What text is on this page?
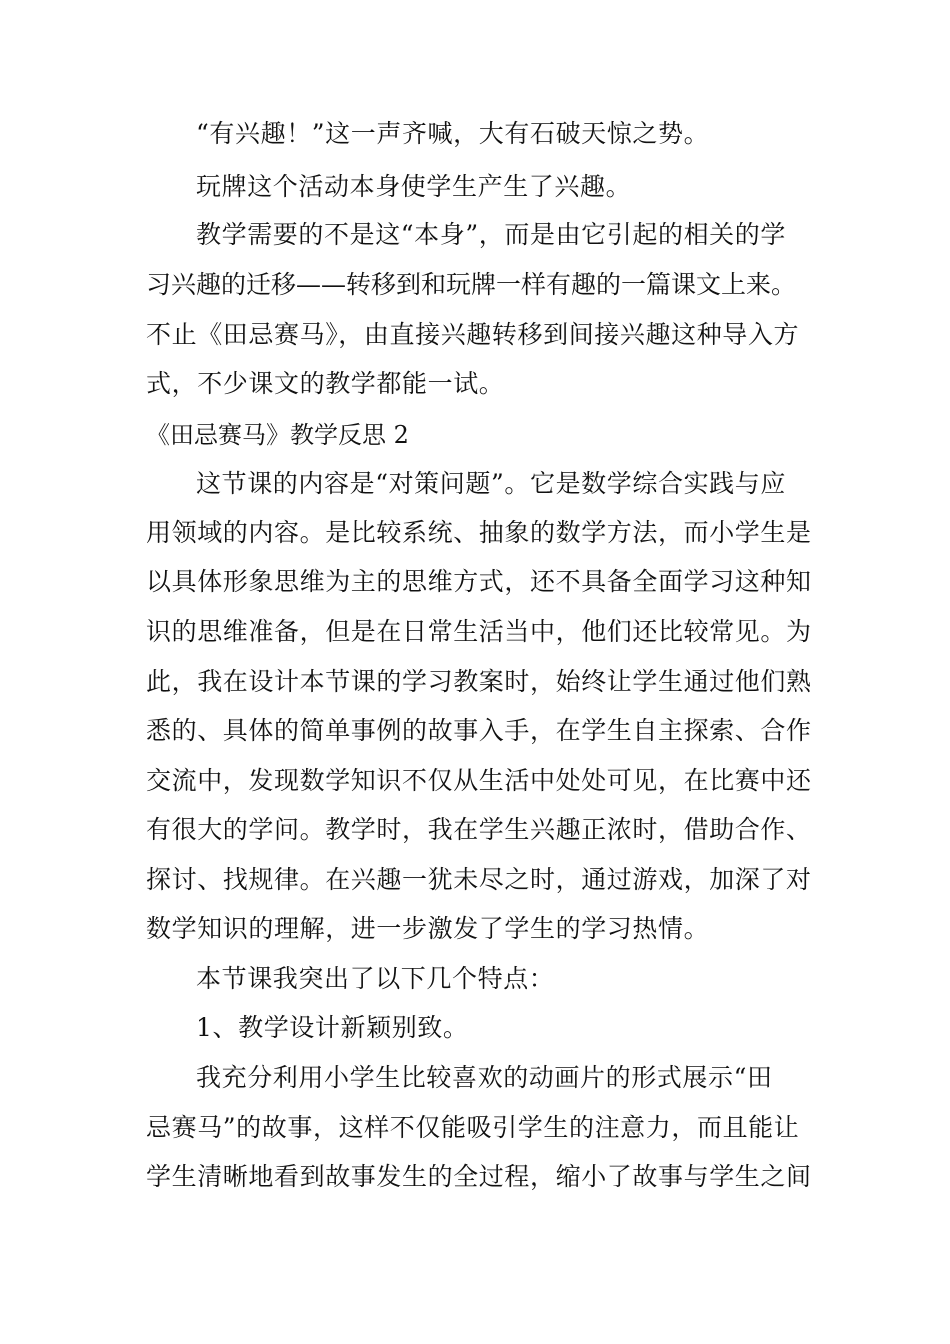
“有兴趣！”这一声齐喊，大有石破天惊之势。
玩牌这个活动本身使学生产生了兴趣。
教学需要的不是这“本身”，而是由它引起的相关的学
习兴趣的迁移——转移到和玩牌一样有趣的一篇课文上来。
不止《田忌赛马》，由直接兴趣转移到间接兴趣这种导入方
式，不少课文的教学都能一试。
《田忌赛马》教学反思 2
这节课的内容是“对策问题”。它是数学综合实践与应
用领域的内容。是比较系统、抽象的数学方法，而小学生是
以具体形象思维为主的思维方式，还不具备全面学习这种知
识的思维准备，但是在日常生活当中，他们还比较常见。为
此，我在设计本节课的学习教案时，始终让学生通过他们熟
悉的、具体的简单事例的故事入手，在学生自主探索、合作
交流中，发现数学知识不仅从生活中处处可见，在比赛中还
有很大的学问。教学时，我在学生兴趣正浓时，借助合作、
探讨、找规律。在兴趣一犹未尽之时，通过游戏，加深了对
数学知识的理解，进一步激发了学生的学习热情。
本节课我突出了以下几个特点：
1、教学设计新颖别致。
我充分利用小学生比较喜欢的动画片的形式展示“田
忌赛马”的故事，这样不仅能吸引学生的注意力，而且能让
学生清晰地看到故事发生的全过程，缩小了故事与学生之间
